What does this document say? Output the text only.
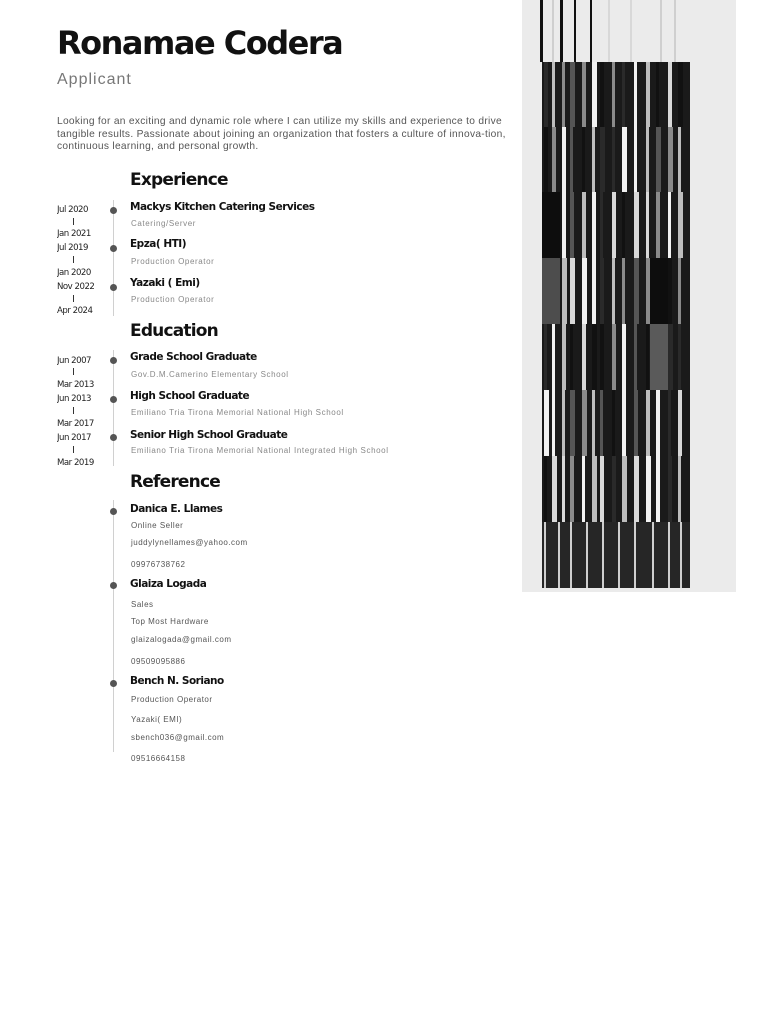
Ronamae Codera
Applicant
Looking for an exciting and dynamic role where I can utilize my skills and experience to drive tangible results. Passionate about joining an organization that fosters a culture of innova-tion, continuous learning, and personal growth.
Experience
Jul 2020
Jan 2021
Mackys Kitchen Catering Services
Catering/Server
Jul 2019
Jan 2020
Epza( HTI)
Production Operator
Nov 2022
Apr 2024
Yazaki ( Emi)
Production Operator
Education
Jun 2007
Mar 2013
Grade School Graduate
Gov.D.M.Camerino Elementary School
Jun 2013
Mar 2017
High School Graduate
Emiliano Tria Tirona Memorial National High School
Jun 2017
Mar 2019
Senior High School Graduate
Emiliano Tria Tirona Memorial National Integrated High School
Reference
Danica E. Llames
Online Seller
juddylynellames@yahoo.com
09976738762
Glaiza Logada
Sales
Top Most Hardware
glaizalogada@gmail.com
09509095886
Bench N. Soriano
Production Operator
Yazaki( EMI)
sbench036@gmail.com
09516664158
